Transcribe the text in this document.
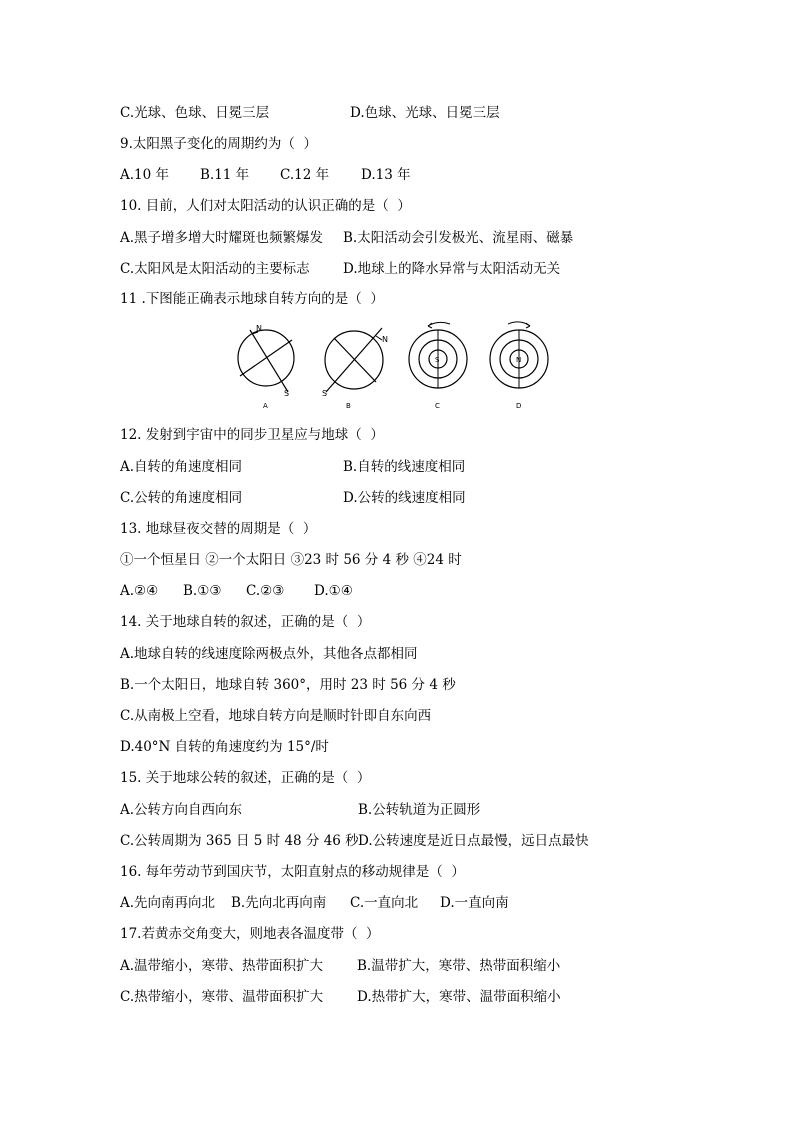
C.光球、色球、日冕三层	D.色球、光球、日冕三层
9.太阳黑子变化的周期约为（  ）
A.10 年 B.11 年 C.12 年 D.13 年
10. 目前，人们对太阳活动的认识正确的是（  ）
A.黑子增多增大时耀斑也频繁爆发 B.太阳活动会引发极光、流星雨、磁暴
C.太阳风是太阳活动的主要标志 D.地球上的降水异常与太阳活动无关
11 .下图能正确表示地球自转方向的是（  ）
N
S
A
N
S
B
S
C
N
D
12. 发射到宇宙中的同步卫星应与地球（  ）
A.自转的角速度相同	B.自转的线速度相同
C.公转的角速度相同	D.公转的线速度相同
13. 地球昼夜交替的周期是（  ）
①一个恒星日 ②一个太阳日 ③23 时 56 分 4 秒 ④24 时
A.②④ B.①③ C.②③ D.①④
14. 关于地球自转的叙述，正确的是（  ）
A.地球自转的线速度除两极点外，其他各点都相同
B.一个太阳日，地球自转 360°，用时 23 时 56 分 4 秒
C.从南极上空看，地球自转方向是顺时针即自东向西
D.40°N 自转的角速度约为 15°/时
15. 关于地球公转的叙述，正确的是（  ）
A.公转方向自西向东	B.公转轨道为正圆形
C.公转周期为 365 日 5 时 48 分 46 秒 D.公转速度是近日点最慢，远日点最快
16. 每年劳动节到国庆节，太阳直射点的移动规律是（  ）
A.先向南再向北 B.先向北再向南 C.一直向北 D.一直向南
17.若黄赤交角变大，则地表各温度带（  ）
A.温带缩小，寒带、热带面积扩大	B.温带扩大，寒带、热带面积缩小
C.热带缩小，寒带、温带面积扩大	D.热带扩大，寒带、温带面积缩小
